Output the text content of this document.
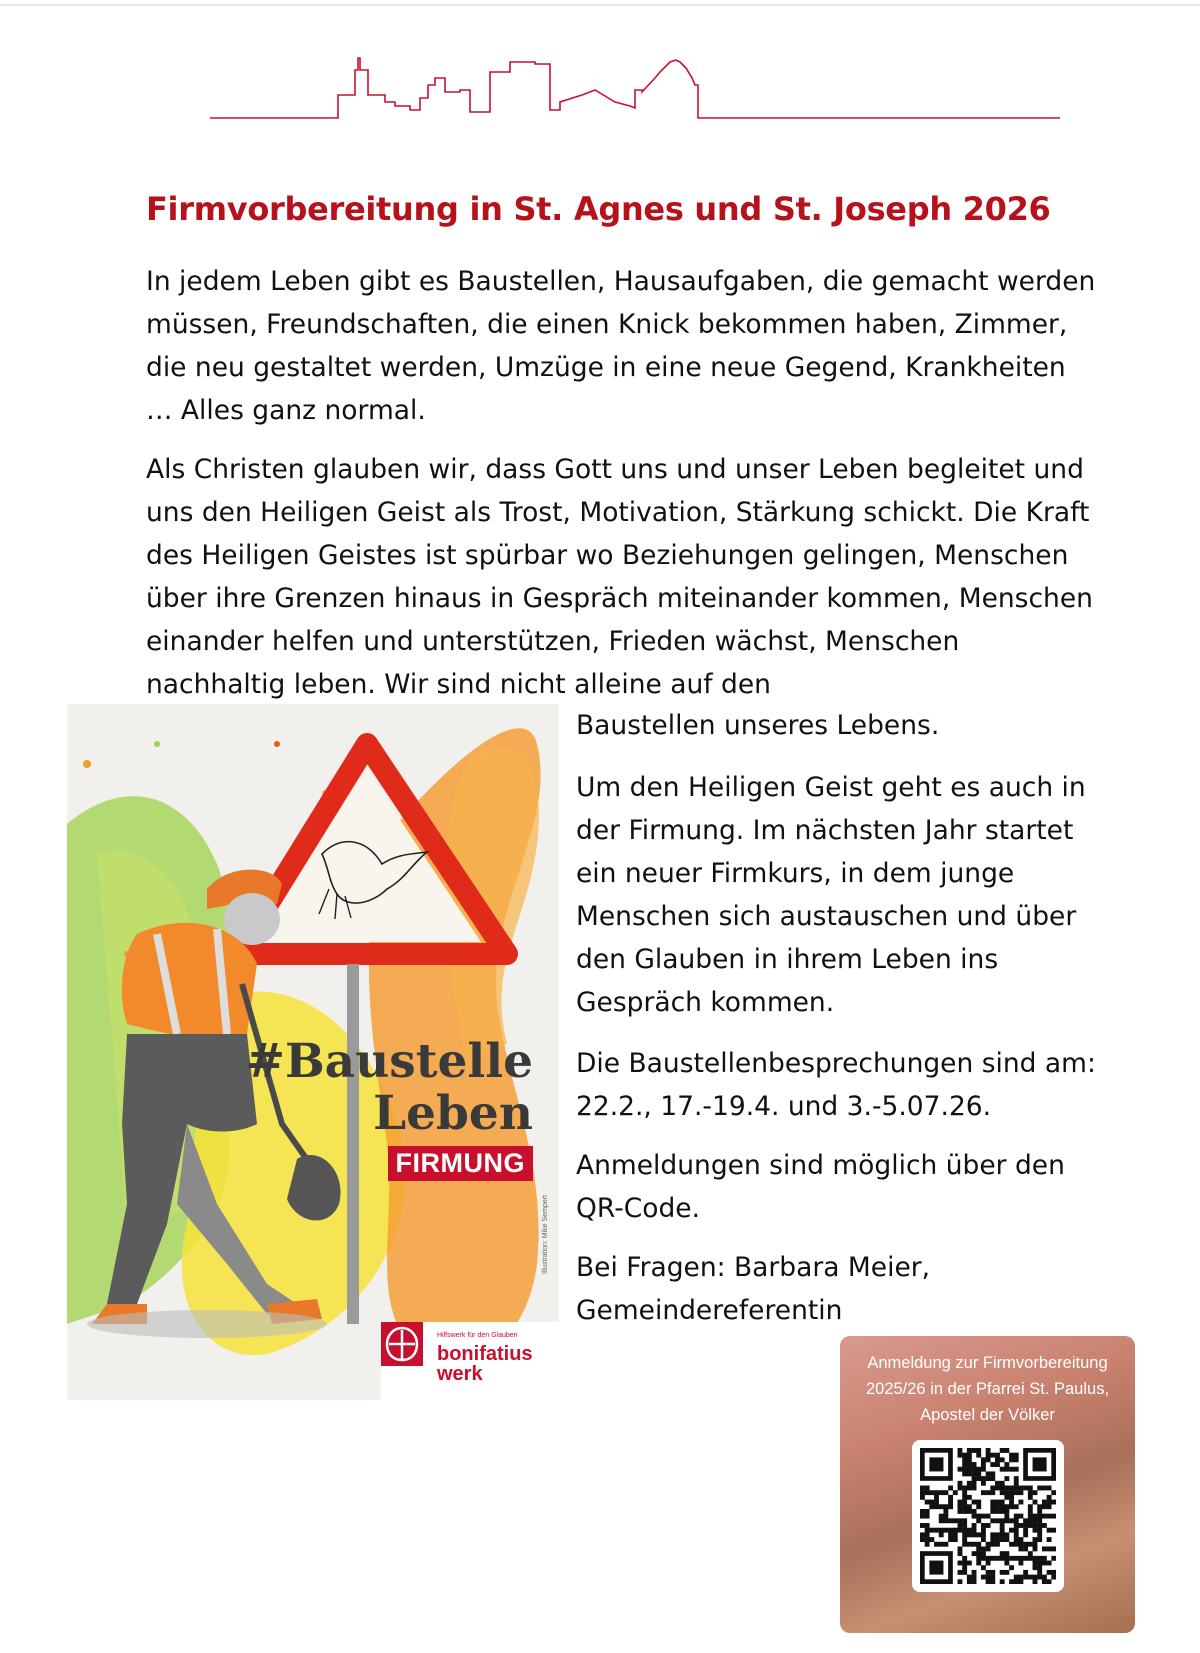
Firmvorbereitung in St. Agnes und St. Joseph 2026

In jedem Leben gibt es Baustellen, Hausaufgaben, die gemacht werden müssen, Freundschaften, die einen Knick bekommen haben, Zimmer, die neu gestaltet werden, Umzüge in eine neue Gegend, Krankheiten … Alles ganz normal.

Als Christen glauben wir, dass Gott uns und unser Leben begleitet und uns den Heiligen Geist als Trost, Motivation, Stärkung schickt. Die Kraft des Heiligen Geistes ist spürbar wo Beziehungen gelingen, Menschen über ihre Grenzen hinaus in Gespräch miteinander kommen, Menschen einander helfen und unterstützen, Frieden wächst, Menschen nachhaltig leben. Wir sind nicht alleine auf den

Baustellen unseres Lebens.

Um den Heiligen Geist geht es auch in der Firmung. Im nächsten Jahr startet ein neuer Firmkurs, in dem junge Menschen sich austauschen und über den Glauben in ihrem Leben ins Gespräch kommen.

Die Baustellenbesprechungen sind am: 22.2., 17.-19.4. und 3.-5.07.26.

Anmeldungen sind möglich über den QR-Code.

Bei Fragen: Barbara Meier, Gemeindereferentin

#Baustelle
Leben
FIRMUNG
Illustration: Mike Sempert
Hilfswerk für den Glauben
bonifatius
werk	Anmeldung zur Firmvorbereitung 2025/26 in der Pfarrei St. Paulus, Apostel der Völker
